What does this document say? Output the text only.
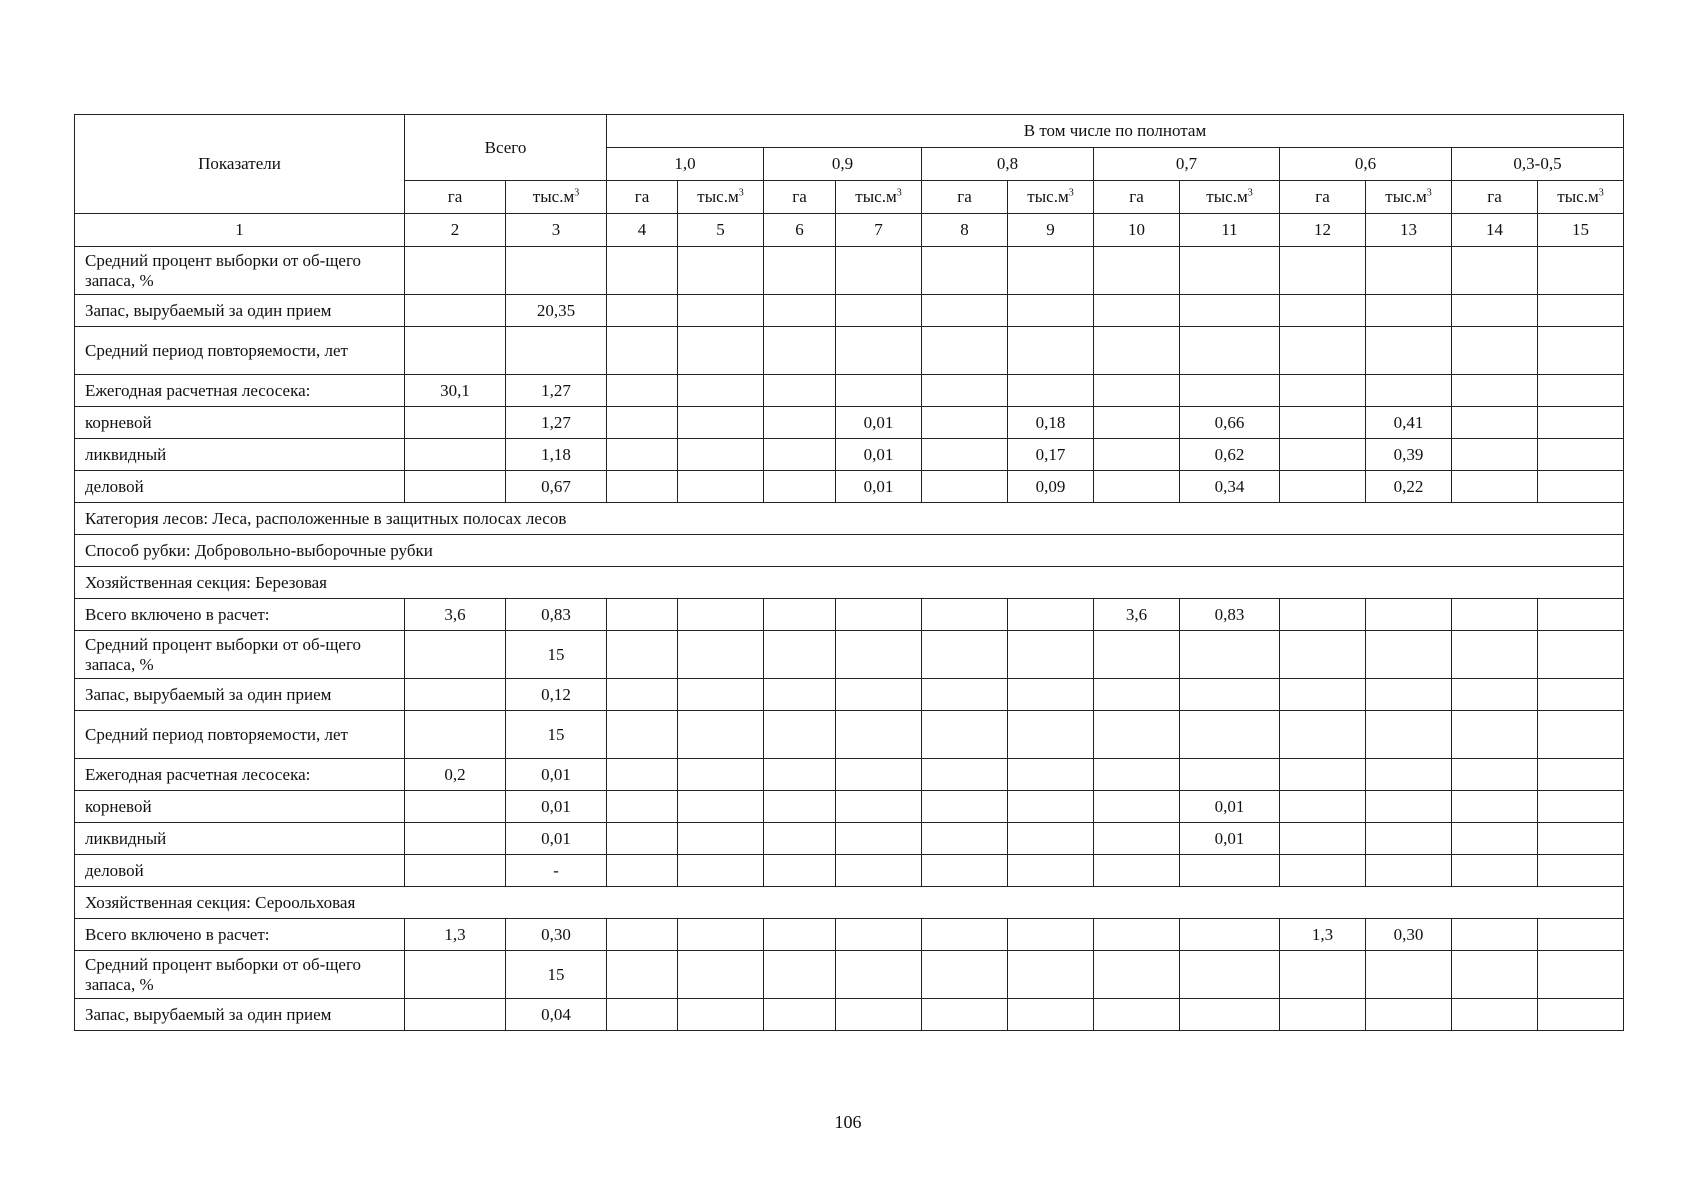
Показатели	Всего		В том числе по полнотам											
			1,0		0,9		0,8		0,7		0,6		0,3-0,5	
	га	$тыс.м^3$	га	$тыс.м^3$	га	$тыс.м^3$	га	$тыс.м^3$	га	$тыс.м^3$	га	$тыс.м^3$	га	$тыс.м^3$
1	2	3	4	5	6	7	8	9	10	11	12	13	14	15
Средний процент выборки от об-щего запаса, %														
Запас, вырубаемый за один прием		20,35												
Средний период повторяемости, лет														
Ежегодная расчетная лесосека:	30,1	1,27												
корневой		1,27				0,01		0,18		0,66		0,41		
ликвидный		1,18				0,01		0,17		0,62		0,39		
деловой		0,67				0,01		0,09		0,34		0,22		
Категория лесов: Леса, расположенные в защитных полосах лесов														
Способ рубки: Добровольно-выборочные рубки														
Хозяйственная секция: Березовая														
Всего включено в расчет:	3,6	0,83							3,6	0,83				
Средний процент выборки от об-щего запаса, %		15												
Запас, вырубаемый за один прием		0,12												
Средний период повторяемости, лет		15												
Ежегодная расчетная лесосека:	0,2	0,01												
корневой		0,01								0,01				
ликвидный		0,01								0,01				
деловой		-												
Хозяйственная секция: Сероольховая														
Всего включено в расчет:	1,3	0,30									1,3	0,30		
Средний процент выборки от об-щего запаса, %		15												
Запас, вырубаемый за один прием		0,04												
106
